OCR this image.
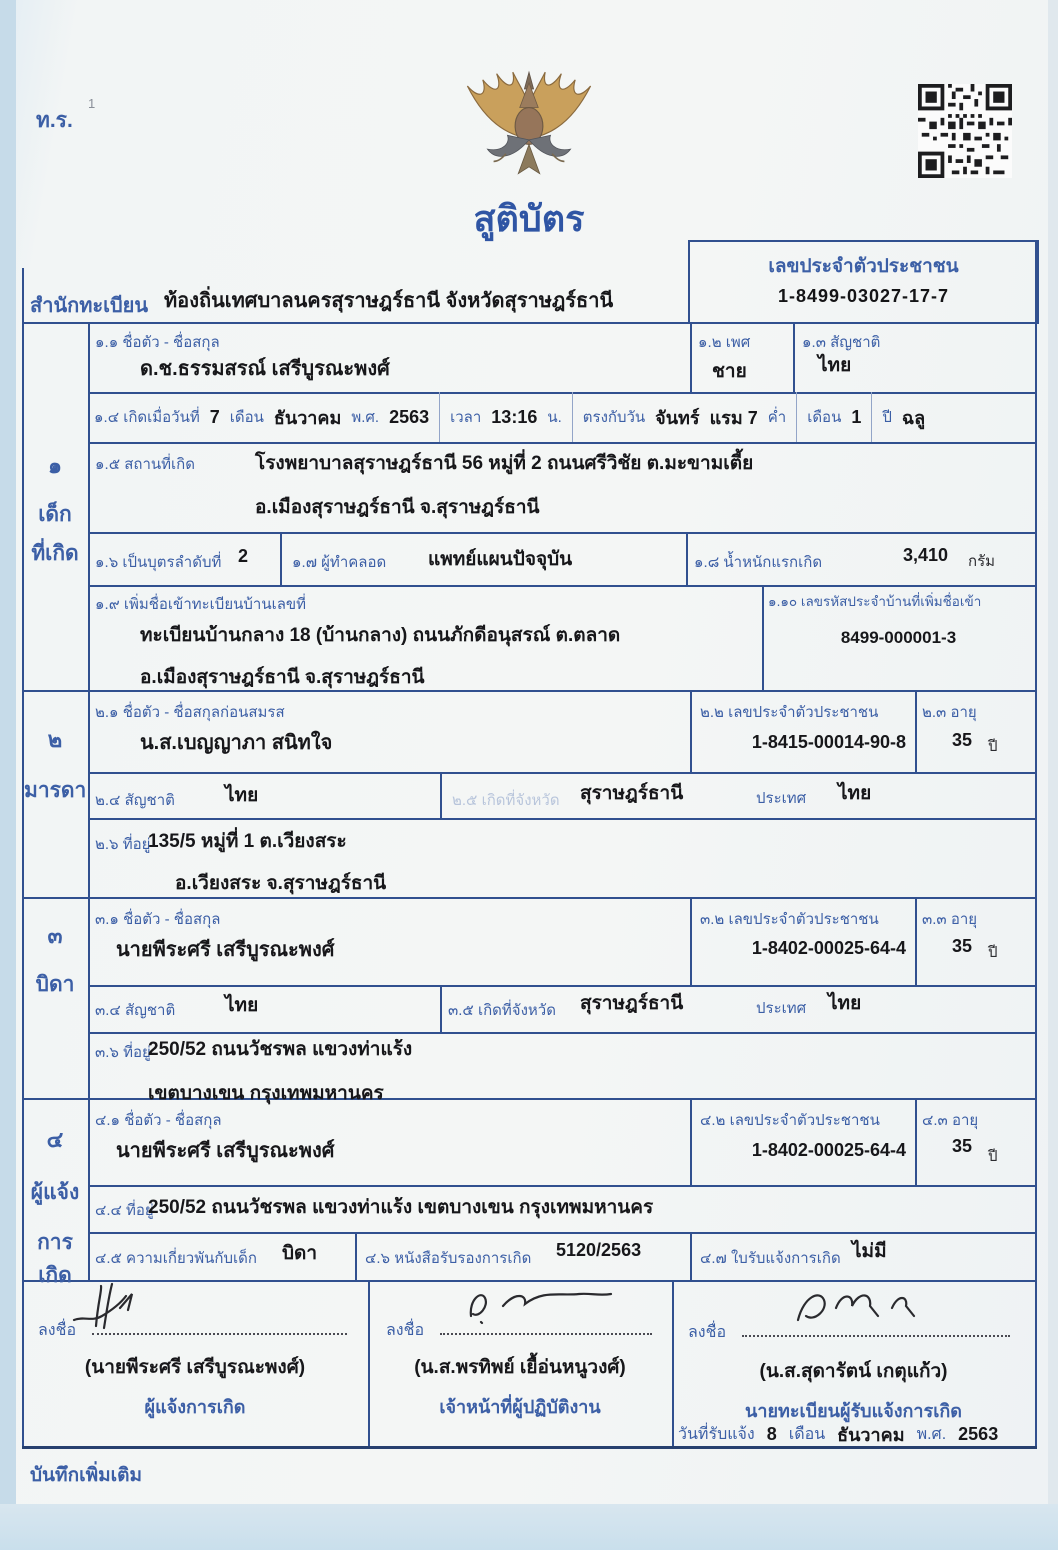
ท.ร.
1
สูติบัตร
เลขประจำตัวประชาชน
1-8499-03027-17-7
สำนักทะเบียน ท้องถิ่นเทศบาลนครสุราษฎร์ธานี จังหวัดสุราษฎร์ธานี
๑
เด็ก
ที่เกิด
๒
มารดา
๓
บิดา
๔
ผู้แจ้ง
การเกิด
๑.๑ ชื่อตัว - ชื่อสกุล
ด.ช.ธรรมสรณ์ เสรีบูรณะพงศ์
๑.๒ เพศ
ชาย
๑.๓ สัญชาติ
ไทย
๑.๔ เกิดเมื่อวันที่ 7 เดือน ธันวาคม พ.ศ. 2563 เวลา 13:16 น. ตรงกับวัน จันทร์ แรม 7 ค่ำ เดือน 1 ปี ฉลู
๑.๕ สถานที่เกิด	โรงพยาบาลสุราษฎร์ธานี 56 หมู่ที่ 2 ถนนศรีวิชัย ต.มะขามเตี้ย
อ.เมืองสุราษฎร์ธานี จ.สุราษฎร์ธานี
๑.๖ เป็นบุตรลำดับที่ 2	๑.๗ ผู้ทำคลอด แพทย์แผนปัจจุบัน	๑.๘ น้ำหนักแรกเกิด	3,410 กรัม
๑.๙ เพิ่มชื่อเข้าทะเบียนบ้านเลขที่
ทะเบียนบ้านกลาง 18 (บ้านกลาง) ถนนภักดีอนุสรณ์ ต.ตลาด
อ.เมืองสุราษฎร์ธานี จ.สุราษฎร์ธานี
๑.๑๐ เลขรหัสประจำบ้านที่เพิ่มชื่อเข้า
8499-000001-3
๒.๑ ชื่อตัว - ชื่อสกุลก่อนสมรส
น.ส.เบญญาภา สนิทใจ
๒.๒ เลขประจำตัวประชาชน
1-8415-00014-90-8
๒.๓ อายุ
35 ปี
๒.๔ สัญชาติ	ไทย	๒.๕ เกิดที่จังหวัด สุราษฎร์ธานี	ประเทศ ไทย
๒.๖ ที่อยู่
135/5 หมู่ที่ 1 ต.เวียงสระ
อ.เวียงสระ จ.สุราษฎร์ธานี
๓.๑ ชื่อตัว - ชื่อสกุล
นายพีระศรี เสรีบูรณะพงศ์
๓.๒ เลขประจำตัวประชาชน
1-8402-00025-64-4
๓.๓ อายุ
35 ปี
๓.๔ สัญชาติ	ไทย	๓.๕ เกิดที่จังหวัด สุราษฎร์ธานี	ประเทศ ไทย
๓.๖ ที่อยู่
250/52 ถนนวัชรพล แขวงท่าแร้ง
เขตบางเขน กรุงเทพมหานคร
๔.๑ ชื่อตัว - ชื่อสกุล
นายพีระศรี เสรีบูรณะพงศ์
๔.๒ เลขประจำตัวประชาชน
1-8402-00025-64-4
๔.๓ อายุ
35
ปี
๔.๔ ที่อยู่
250/52 ถนนวัชรพล แขวงท่าแร้ง เขตบางเขน กรุงเทพมหานคร
๔.๕ ความเกี่ยวพันกับเด็ก บิดา	๔.๖ หนังสือรับรองการเกิด 5120/2563	๔.๗ ใบรับแจ้งการเกิด ไม่มี
ลงชื่อ
(นายพีระศรี เสรีบูรณะพงศ์)
ผู้แจ้งการเกิด
ลงชื่อ
(น.ส.พรทิพย์ เยื้อ่นหนูวงศ์)
เจ้าหน้าที่ผู้ปฏิบัติงาน
ลงชื่อ
(น.ส.สุดารัตน์ เกตุแก้ว)
นายทะเบียนผู้รับแจ้งการเกิด
วันที่รับแจ้ง 8 เดือน ธันวาคม พ.ศ. 2563
บันทึกเพิ่มเติม
